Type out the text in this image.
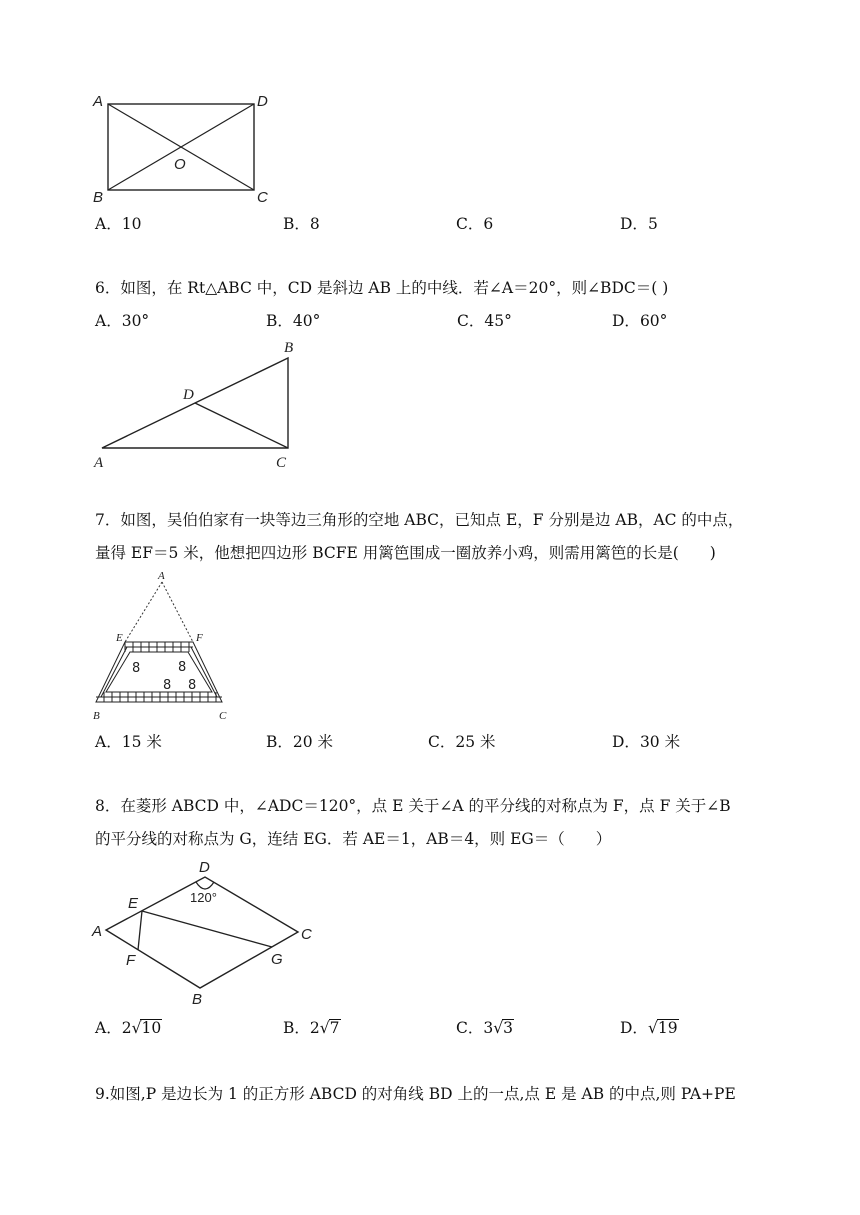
A	D
O
B	C
A．10	B．8	C．6	D．5
6．如图，在 Rt△ABC 中，CD 是斜边 AB 上的中线．若∠A＝20°，则∠BDC＝( )
A．30°	B．40°	C．45°	D．60°
B
D
A	C
7．如图，吴伯伯家有一块等边三角形的空地 ABC，已知点 E，F 分别是边 AB，AC 的中点，
量得 EF＝5 米，他想把四边形 BCFE 用篱笆围成一圈放养小鸡，则需用篱笆的长是(　　)
8	8
8 8
A
E	F
B	C
A．15 米	B．20 米	C．25 米	D．30 米
8．在菱形 ABCD 中，∠ADC＝120°，点 E 关于∠A 的平分线的对称点为 F，点 F 关于∠B
的平分线的对称点为 G，连结 EG．若 AE＝1，AB＝4，则 EG＝（　　）
D
120°
E
A	C
F	G
B
A．2√10	B．2√7	C．3√3	D．√19
9.如图,P 是边长为 1 的正方形 ABCD 的对角线 BD 上的一点,点 E 是 AB 的中点,则 PA+PE
